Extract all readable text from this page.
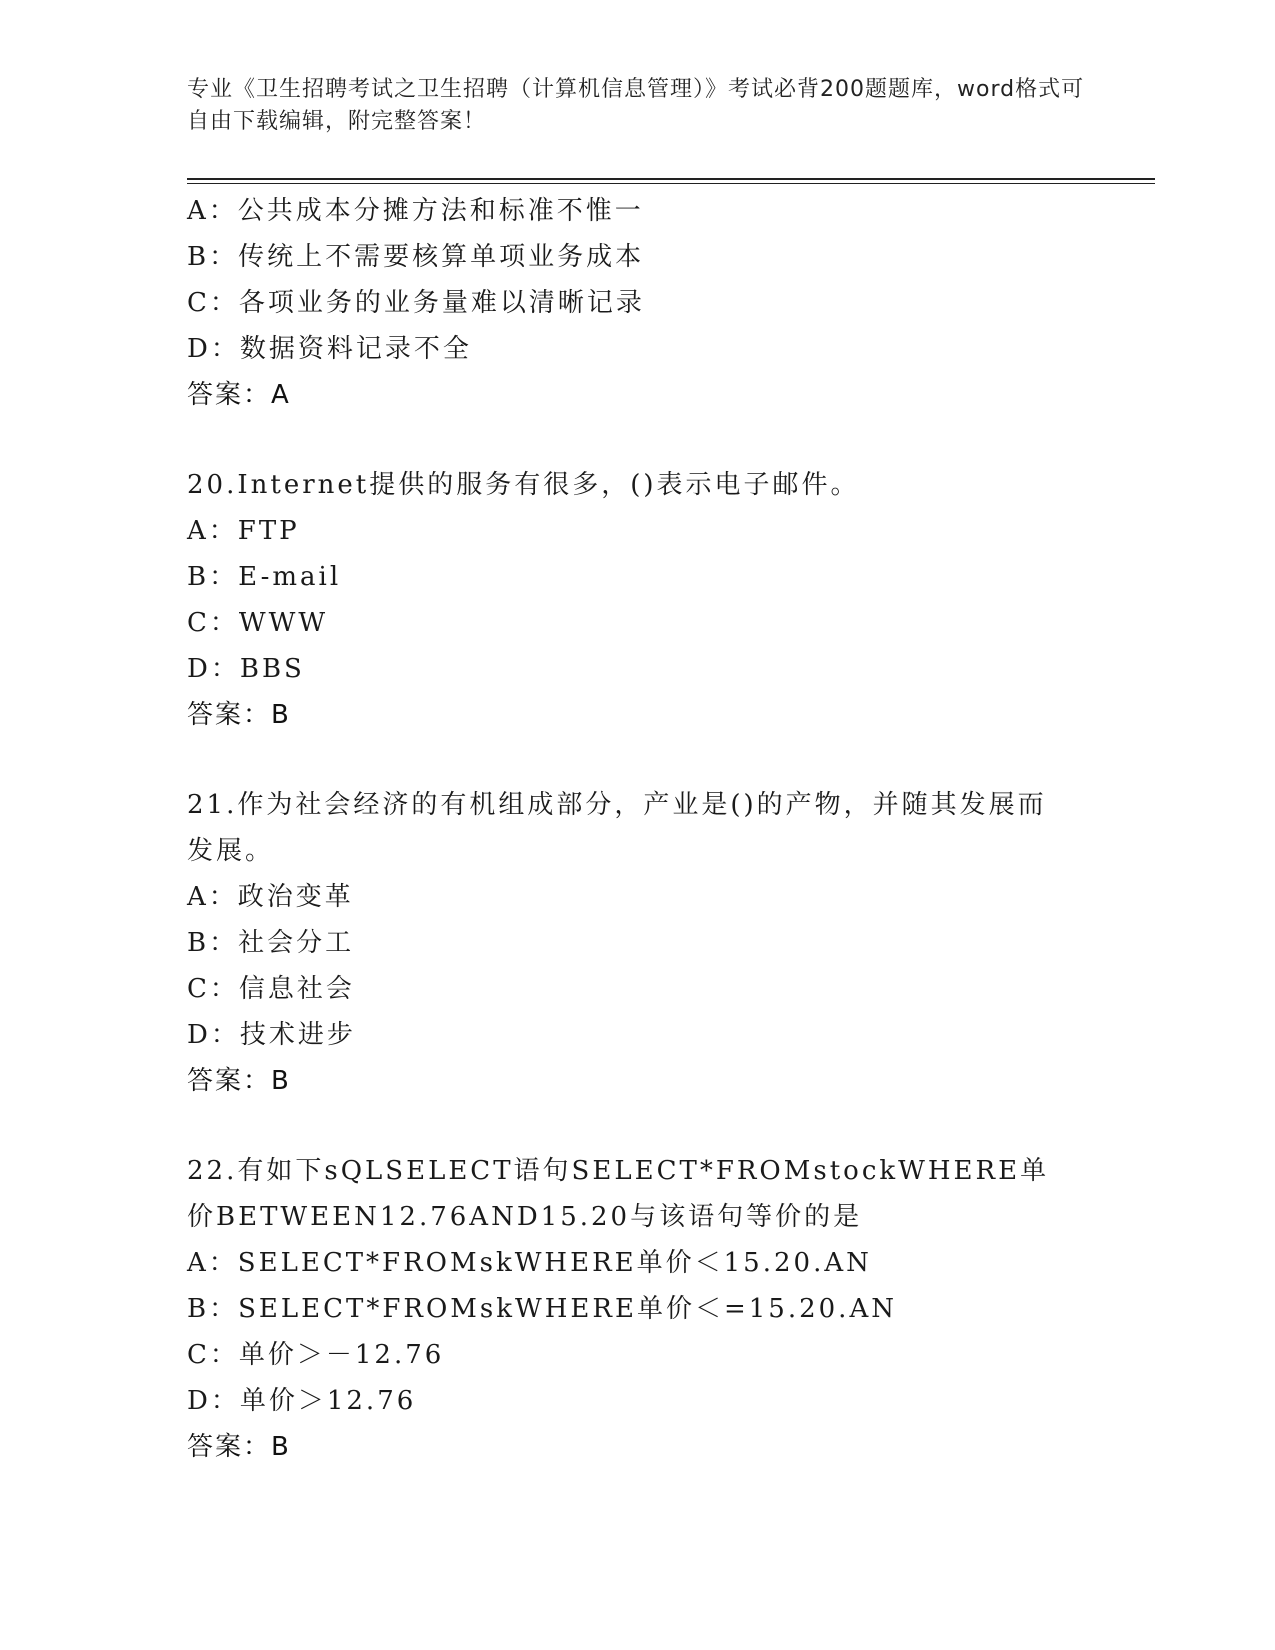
专业《卫生招聘考试之卫生招聘（计算机信息管理）》考试必背200题题库，word格式可自由下载编辑，附完整答案！
A：公共成本分摊方法和标准不惟一
B：传统上不需要核算单项业务成本
C：各项业务的业务量难以清晰记录
D：数据资料记录不全
答案：A
20.Internet提供的服务有很多，()表示电子邮件。
A：FTP
B：E-mail
C：WWW
D：BBS
答案：B
21.作为社会经济的有机组成部分，产业是()的产物，并随其发展而发展。
A：政治变革
B：社会分工
C：信息社会
D：技术进步
答案：B
22.有如下sQLSELECT语句SELECT*FROMstockWHERE单价BETWEEN12.76AND15.20与该语句等价的是
A：SELECT*FROMskWHERE单价＜15.20.AN
B：SELECT*FROMskWHERE单价＜=15.20.AN
C：单价＞－12.76
D：单价＞12.76
答案：B
